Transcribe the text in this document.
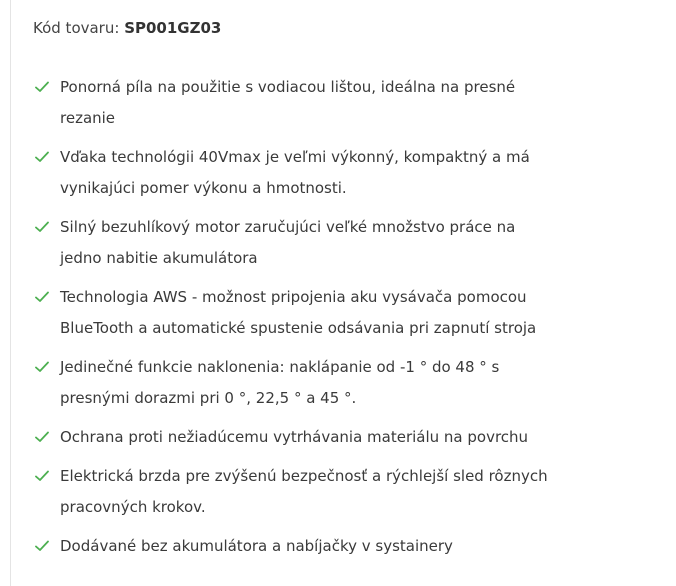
Kód tovaru: SP001GZ03
Ponorná píla na použitie s vodiacou lištou, ideálna na presné rezanie
Vďaka technológii 40Vmax je veľmi výkonný, kompaktný a má vynikajúci pomer výkonu a hmotnosti.
Silný bezuhlíkový motor zaručujúci veľké množstvo práce na jedno nabitie akumulátora
Technologia AWS - možnost pripojenia aku vysávača pomocou BlueTooth a automatické spustenie odsávania pri zapnutí stroja
Jedinečné funkcie naklonenia: naklápanie od -1 ° do 48 ° s presnými dorazmi pri 0 °, 22,5 ° a 45 °.
Ochrana proti nežiadúcemu vytrhávania materiálu na povrchu
Elektrická brzda pre zvýšenú bezpečnosť a rýchlejší sled rôznych pracovných krokov.
Dodávané bez akumulátora a nabíjačky v systainery
